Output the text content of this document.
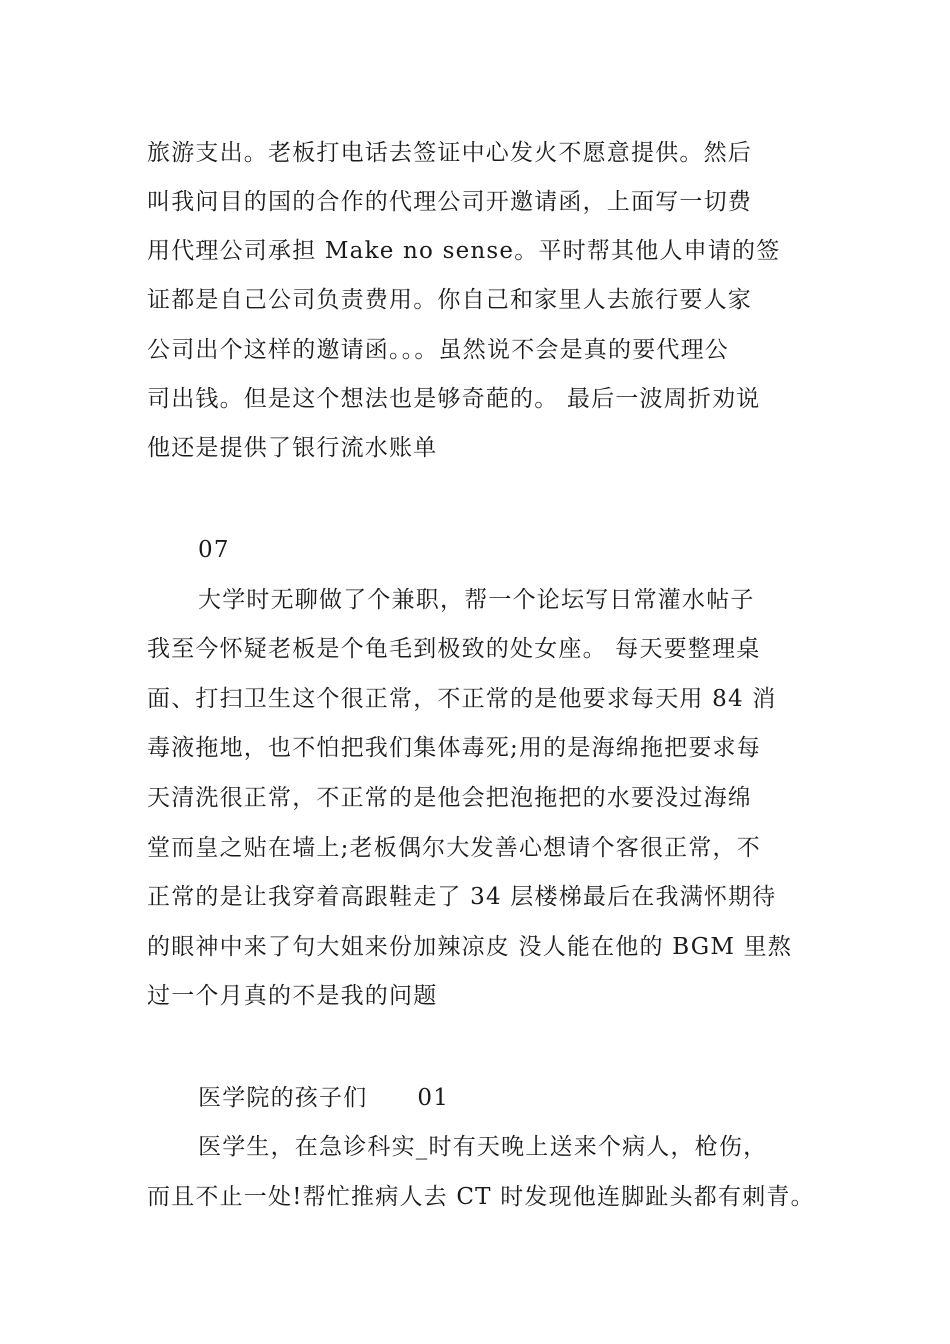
旅游支出。老板打电话去签证中心发火不愿意提供。然后
叫我问目的国的合作的代理公司开邀请函，上面写一切费
用代理公司承担 Make no sense。平时帮其他人申请的签
证都是自己公司负责费用。你自己和家里人去旅行要人家
公司出个这样的邀请函。。。虽然说不会是真的要代理公
司出钱。但是这个想法也是够奇葩的。 最后一波周折劝说
他还是提供了银行流水账单
07
大学时无聊做了个兼职，帮一个论坛写日常灌水帖子
我至今怀疑老板是个龟毛到极致的处女座。 每天要整理桌
面、打扫卫生这个很正常，不正常的是他要求每天用 84 消
毒液拖地，也不怕把我们集体毒死;用的是海绵拖把要求每
天清洗很正常，不正常的是他会把泡拖把的水要没过海绵
堂而皇之贴在墙上;老板偶尔大发善心想请个客很正常，不
正常的是让我穿着高跟鞋走了 34 层楼梯最后在我满怀期待
的眼神中来了句大姐来份加辣凉皮 没人能在他的 BGM 里熬
过一个月真的不是我的问题
医学院的孩子们 01
医学生，在急诊科实_时有天晚上送来个病人，枪伤，
而且不止一处!帮忙推病人去 CT 时发现他连脚趾头都有刺青。
